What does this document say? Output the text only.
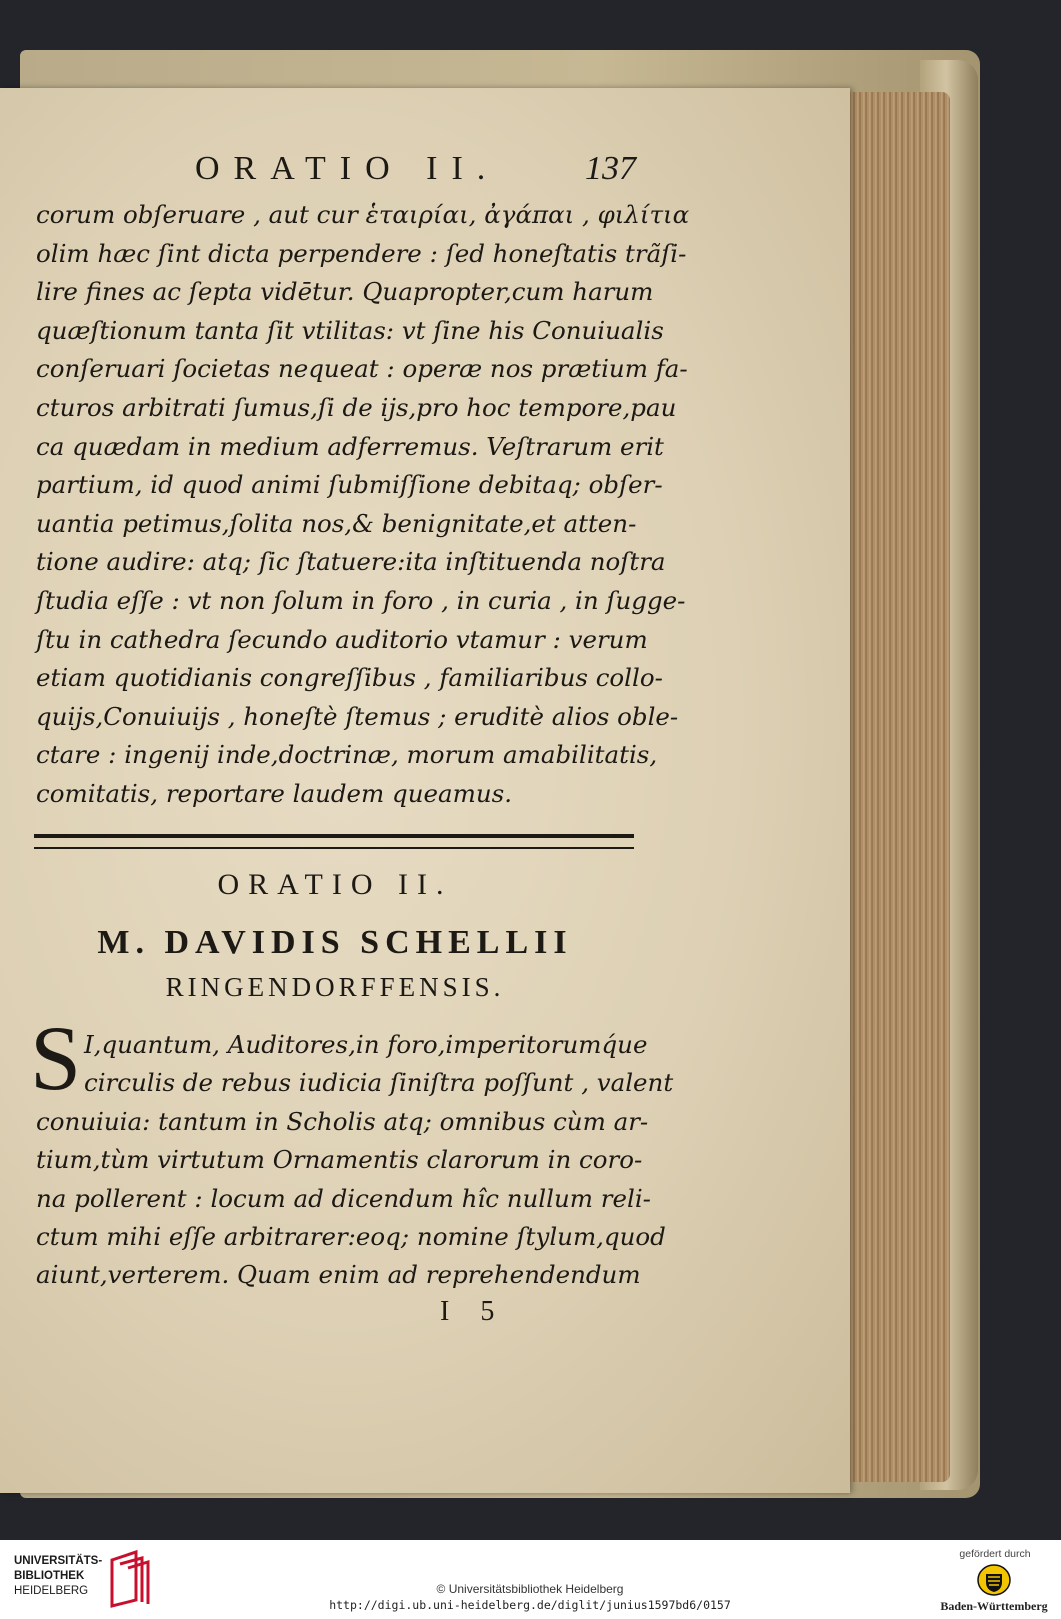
ORATIO II.	137
corum obſeruare , aut cur ἑταιρίαι, ἀγάπαι , φιλίτια
olim hæc ſint dicta perpendere : ſed honeſtatis trãſi-
lire fines ac ſepta vidētur. Quapropter,cum harum
quæſtionum tanta ſit vtilitas: vt ſine his Conuiualis
conſeruari ſocietas nequeat : operæ nos prætium fa-
cturos arbitrati ſumus,ſi de ijs,pro hoc tempore,pau
ca quædam in medium adferremus. Veſtrarum erit
partium, id quod animi ſubmiſſione debitaq; obſer-
uantia petimus,ſolita nos,& benignitate,et atten-
tione audire: atq; ſic ſtatuere:ita inſtituenda noſtra
ſtudia eſſe : vt non ſolum in foro , in curia , in ſugge-
ſtu in cathedra ſecundo auditorio vtamur : verum
etiam quotidianis congreſſibus , familiaribus collo-
quijs,Conuiuijs , honeſtè ſtemus ; eruditè alios oble-
ctare : ingenij inde,doctrinæ, morum amabilitatis,
comitatis, reportare laudem queamus.
ORATIO II.
M. DAVIDIS SCHELLII
RINGENDORFFENSIS.
S I,quantum, Auditores,in foro,imperitorumq́ue
circulis de rebus iudicia ſiniſtra poſſunt , valent
conuiuia: tantum in Scholis atq; omnibus cùm ar-
tium,tùm virtutum Ornamentis clarorum in coro-
na pollerent : locum ad dicendum hîc nullum reli-
ctum mihi eſſe arbitrarer:eoq; nomine ſtylum,quod
aiunt,verterem. Quam enim ad reprehendendum
I 5
UNIVERSITÄTS-
BIBLIOTHEK
HEIDELBERG	© Universitätsbibliothek Heidelberg
http://digi.ub.uni-heidelberg.de/diglit/junius1597bd6/0157
gefördert durch
Baden-Württemberg
